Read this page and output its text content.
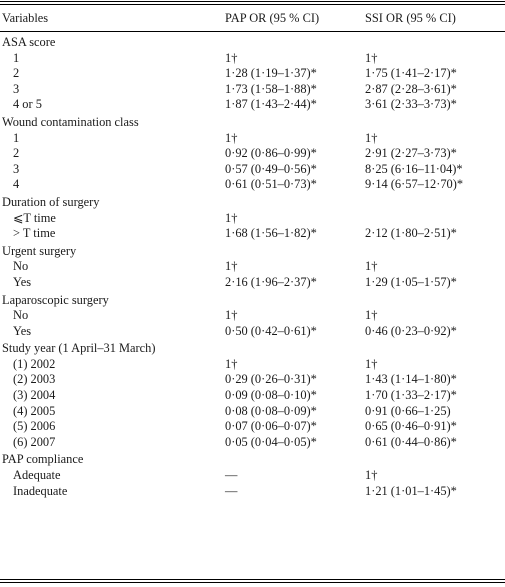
Variables	PAP OR (95 % CI)	SSI OR (95 % CI)
ASA score		
1	1†	1†
2	1·28 (1·19–1·37)*	1·75 (1·41–2·17)*
3	1·73 (1·58–1·88)*	2·87 (2·28–3·61)*
4 or 5	1·87 (1·43–2·44)*	3·61 (2·33–3·73)*
Wound contamination class		
1	1†	1†
2	0·92 (0·86–0·99)*	2·91 (2·27–3·73)*
3	0·57 (0·49–0·56)*	8·25 (6·16–11·04)*
4	0·61 (0·51–0·73)*	9·14 (6·57–12·70)*
Duration of surgery		
⩽T time	1†	
> T time	1·68 (1·56–1·82)*	2·12 (1·80–2·51)*
Urgent surgery		
No	1†	1†
Yes	2·16 (1·96–2·37)*	1·29 (1·05–1·57)*
Laparoscopic surgery		
No	1†	1†
Yes	0·50 (0·42–0·61)*	0·46 (0·23–0·92)*
Study year (1 April–31 March)		
(1) 2002	1†	1†
(2) 2003	0·29 (0·26–0·31)*	1·43 (1·14–1·80)*
(3) 2004	0·09 (0·08–0·10)*	1·70 (1·33–2·17)*
(4) 2005	0·08 (0·08–0·09)*	0·91 (0·66–1·25)
(5) 2006	0·07 (0·06–0·07)*	0·65 (0·46–0·91)*
(6) 2007	0·05 (0·04–0·05)*	0·61 (0·44–0·86)*
PAP compliance		
Adequate	—	1†
Inadequate	—	1·21 (1·01–1·45)*
